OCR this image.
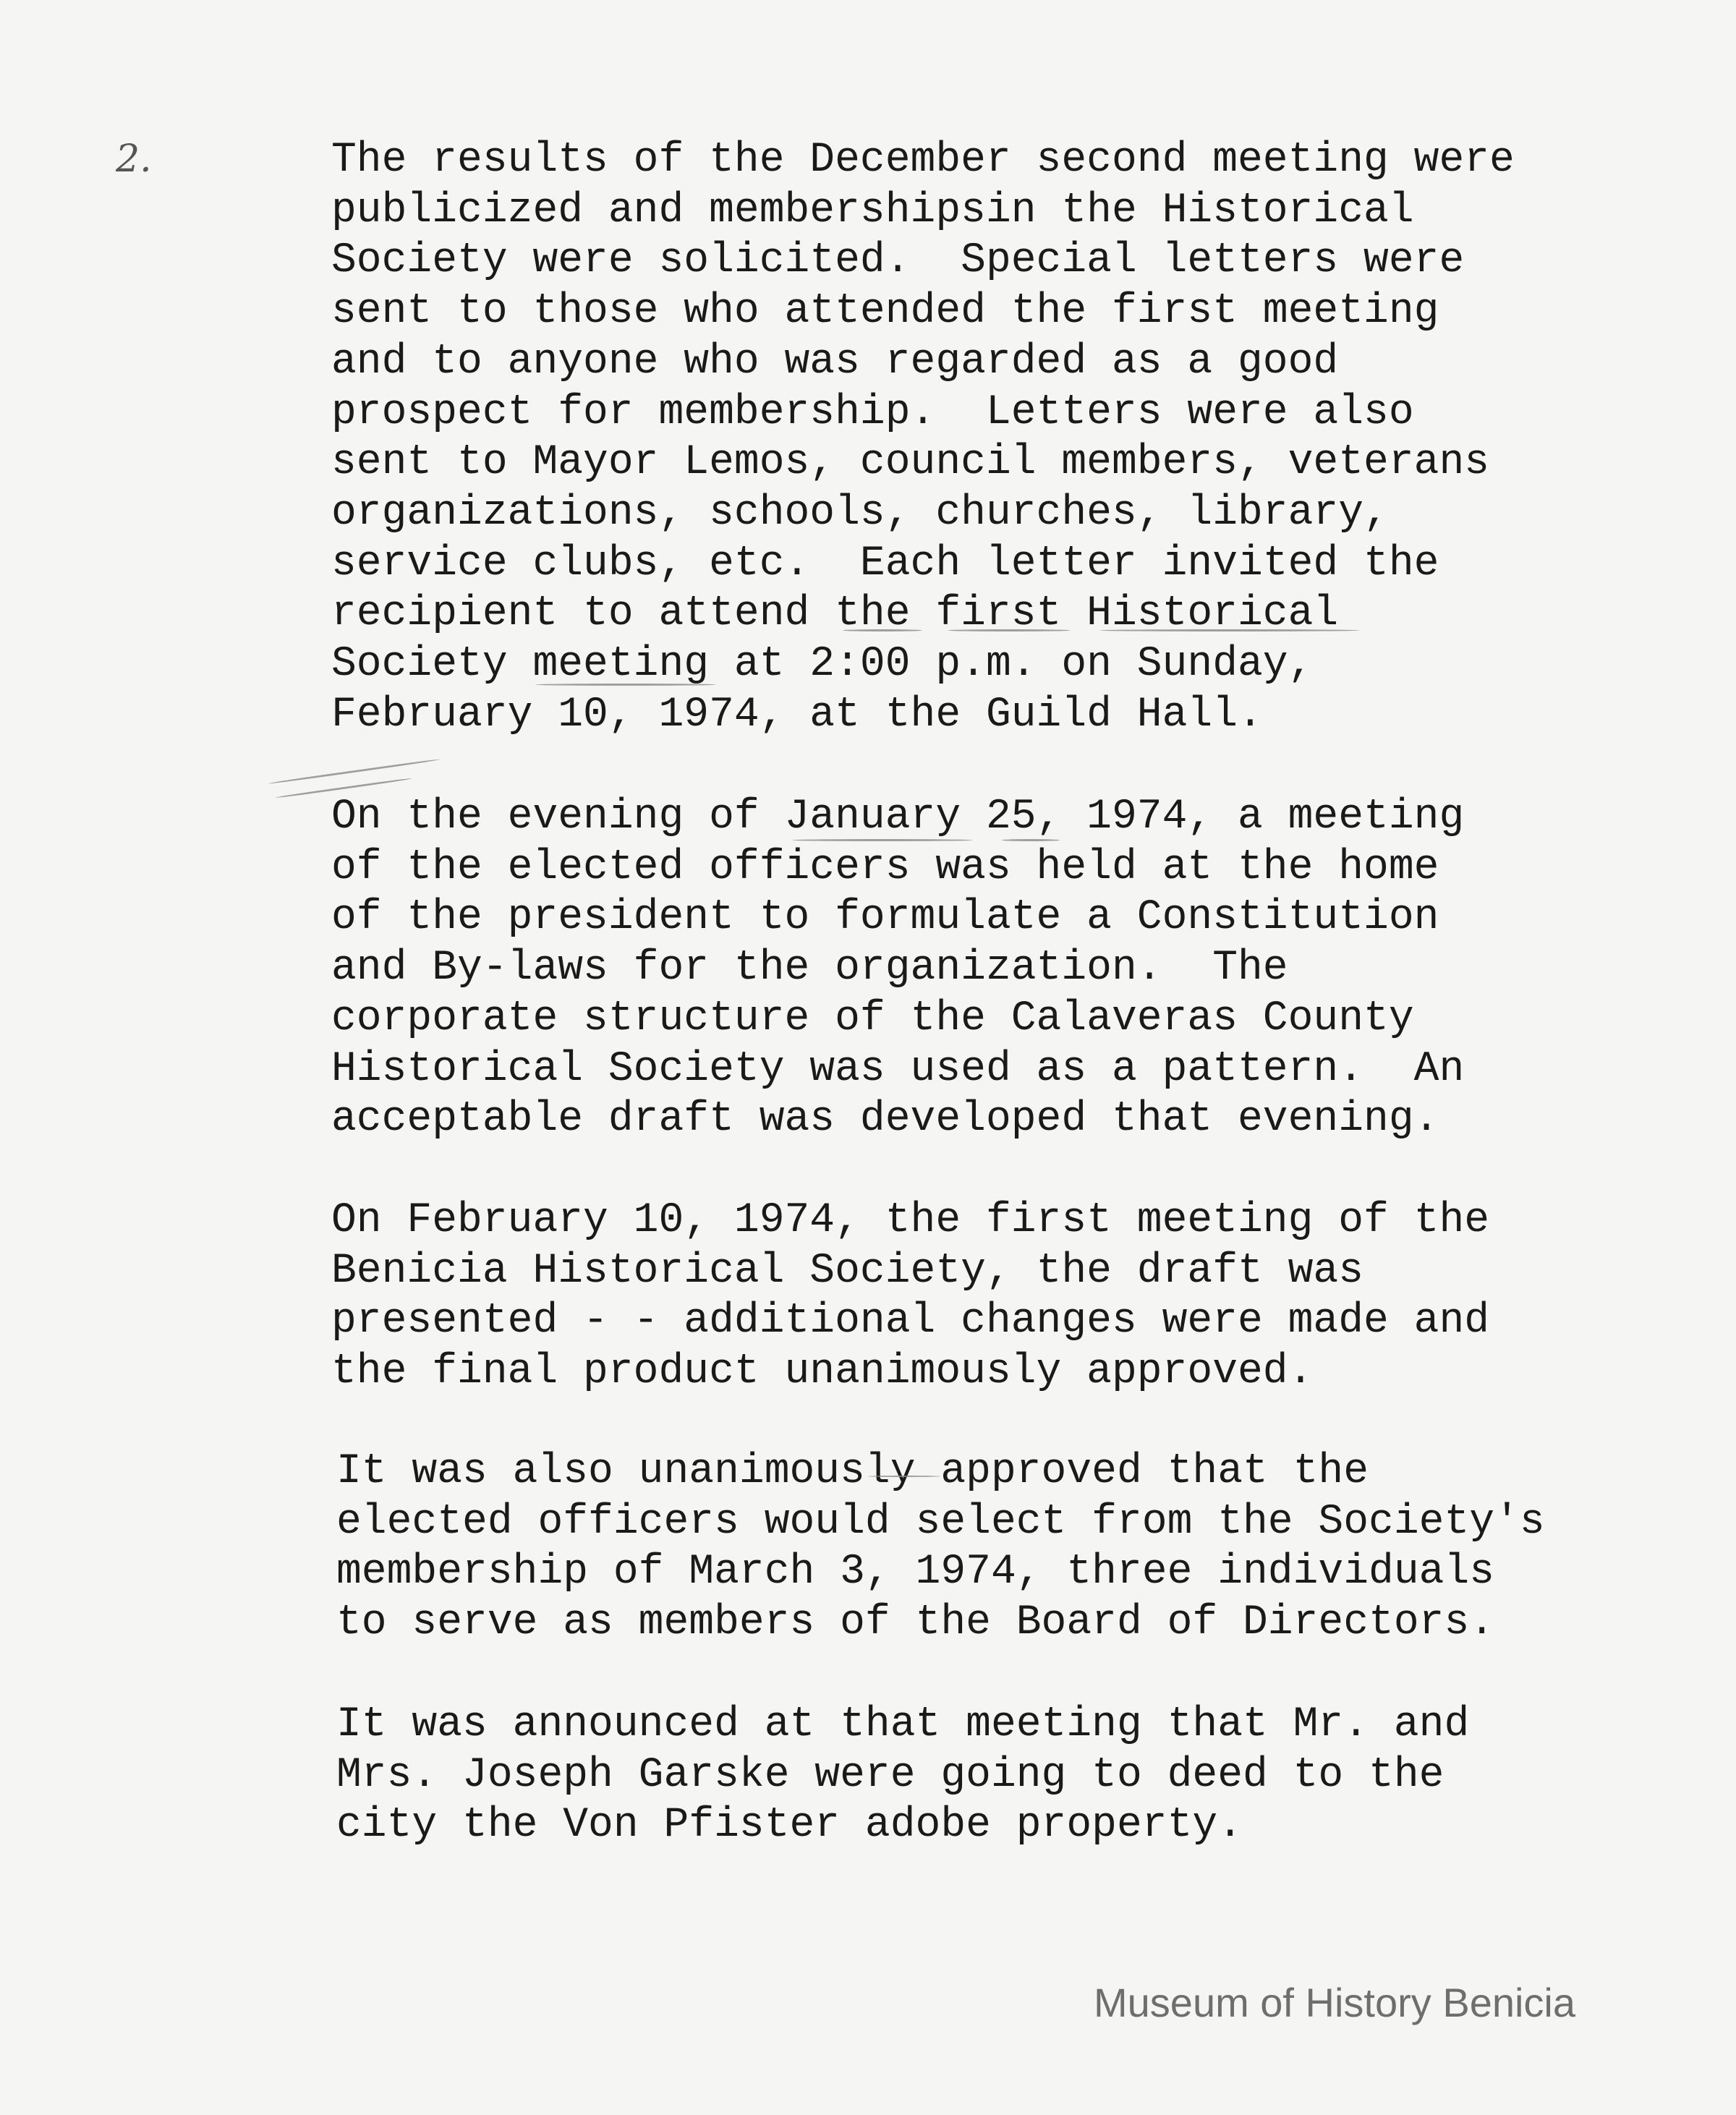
2.	The results of the December second meeting were
publicized and membershipsin the Historical
Society were solicited.  Special letters were
sent to those who attended the first meeting
and to anyone who was regarded as a good
prospect for membership.  Letters were also
sent to Mayor Lemos, council members, veterans
organizations, schools, churches, library,
service clubs, etc.  Each letter invited the
recipient to attend the first Historical
Society meeting at 2:00 p.m. on Sunday,
February 10, 1974, at the Guild Hall.

On the evening of January 25, 1974, a meeting
of the elected officers was held at the home
of the president to formulate a Constitution
and By-laws for the organization.  The
corporate structure of the Calaveras County
Historical Society was used as a pattern.  An
acceptable draft was developed that evening.

On February 10, 1974, the first meeting of the
Benicia Historical Society, the draft was
presented - - additional changes were made and
the final product unanimously approved.

It was also unanimously approved that the
elected officers would select from the Society's
membership of March 3, 1974, three individuals
to serve as members of the Board of Directors.

It was announced at that meeting that Mr. and
Mrs. Joseph Garske were going to deed to the
city the Von Pfister adobe property.

Museum of History Benicia
